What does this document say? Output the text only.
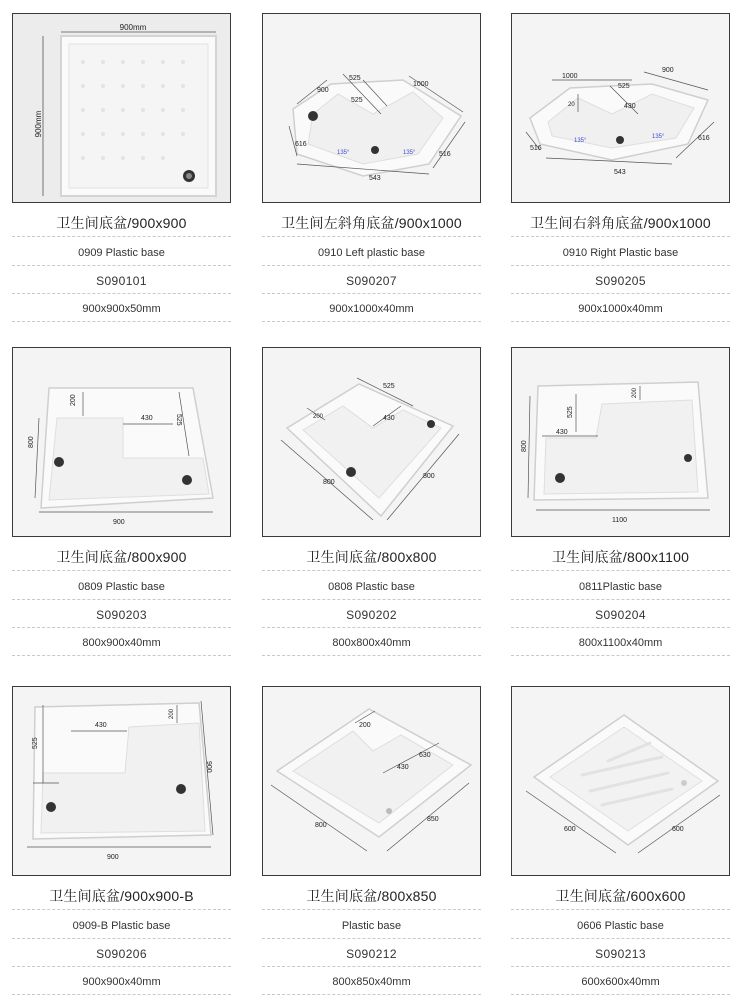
900mm
900mm
卫生间底盆/900x900
0909 Plastic base
S090101
900x900x50mm
900
1000
525
525
616
543
516
135°	135°
卫生间左斜角底盆/900x1000
0910 Left plastic base
S090207
900x1000x40mm
1000
900
525
430
616
543
516
135°
135°
20
卫生间右斜角底盆/900x1000
0910 Right Plastic base
S090205
900x1000x40mm
200
430	525
800
900
卫生间底盆/800x900
0809 Plastic base
S090203
800x900x40mm
525
200	430
800
800
卫生间底盆/800x800
0808 Plastic base
S090202
800x800x40mm
525
430
200
800
1100
卫生间底盆/800x1100
0811Plastic base
S090204
800x1100x40mm
430
525
200
900
900
卫生间底盆/900x900-B
0909-B Plastic base
S090206
900x900x40mm
200
430
630
800
850
卫生间底盆/800x850
Plastic base
S090212
800x850x40mm
600	600
卫生间底盆/600x600
0606 Plastic base
S090213
600x600x40mm
